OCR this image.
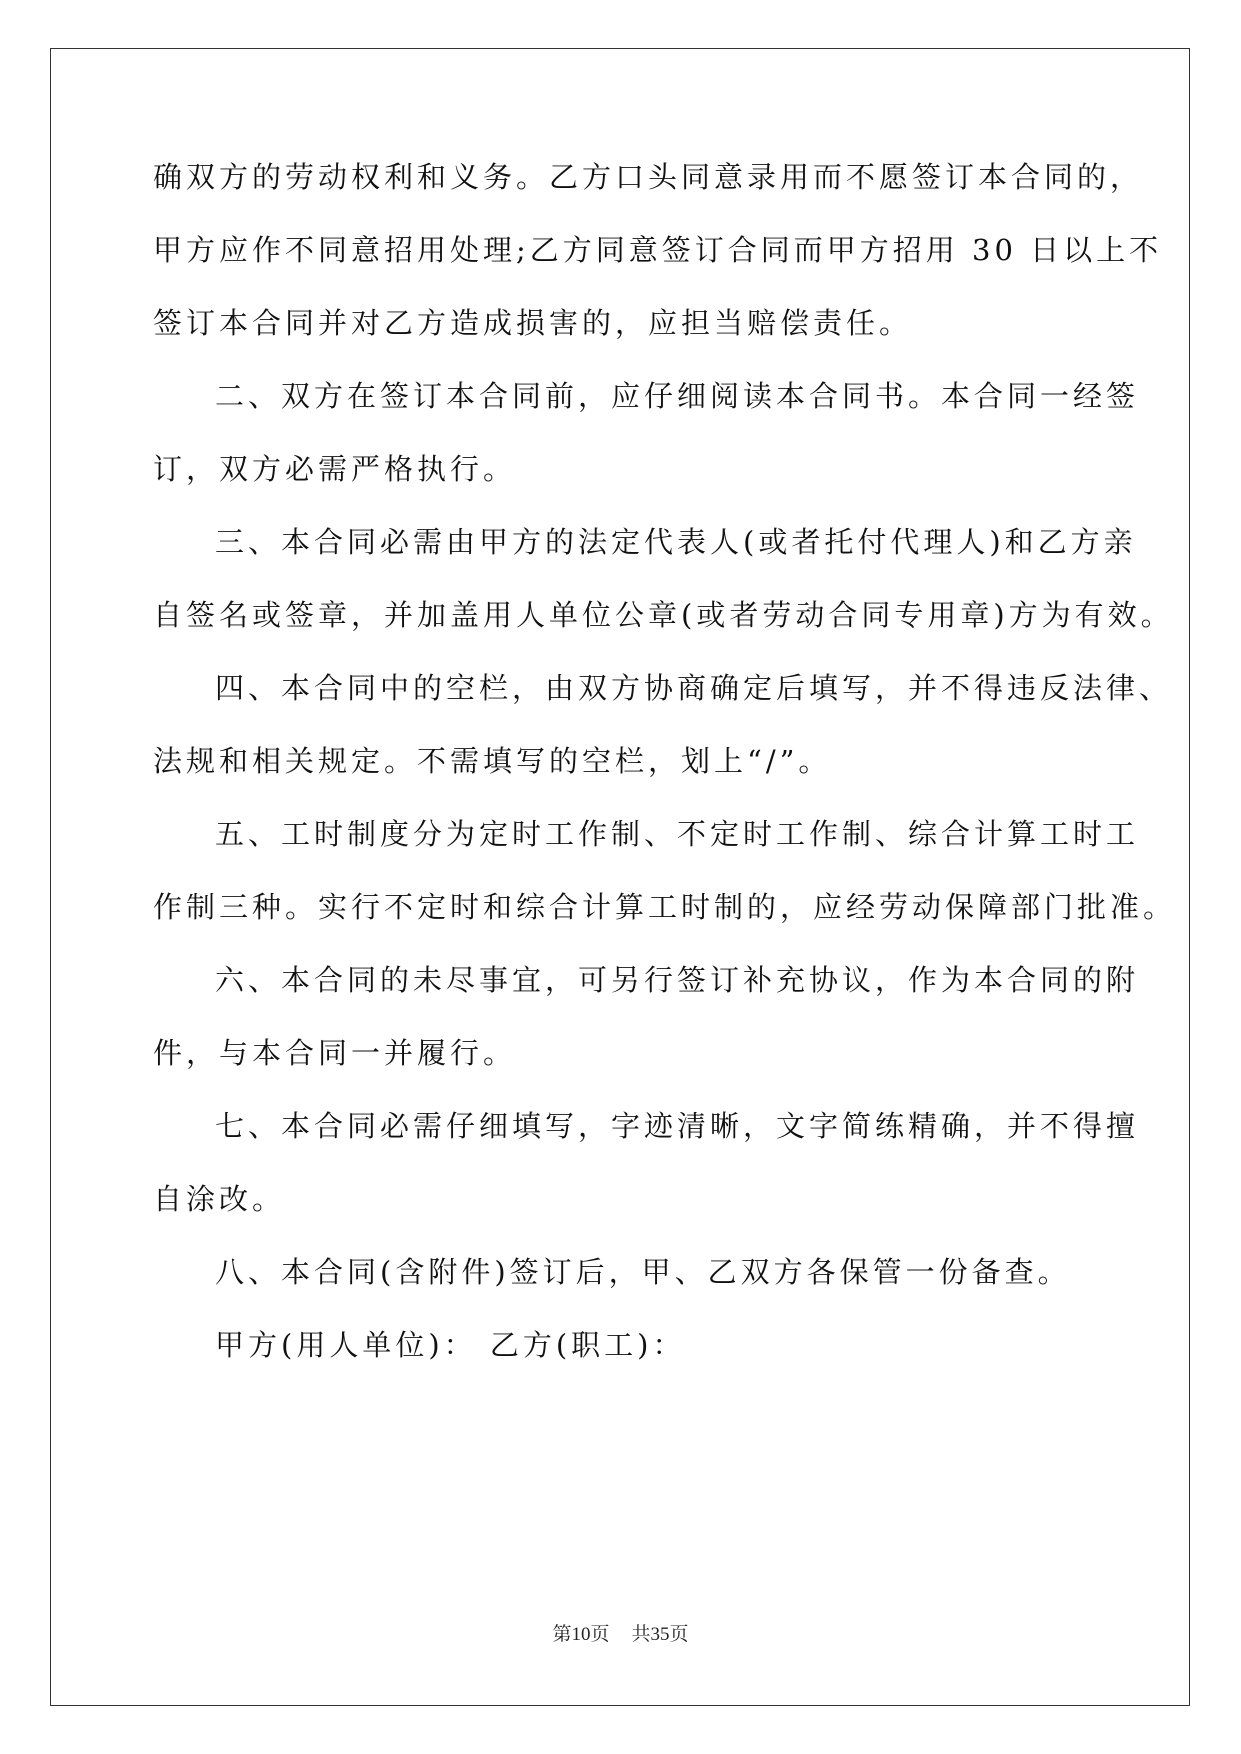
确双方的劳动权利和义务。乙方口头同意录用而不愿签订本合同的，
甲方应作不同意招用处理;乙方同意签订合同而甲方招用 30 日以上不
签订本合同并对乙方造成损害的，应担当赔偿责任。
二、双方在签订本合同前，应仔细阅读本合同书。本合同一经签
订，双方必需严格执行。
三、本合同必需由甲方的法定代表人(或者托付代理人)和乙方亲
自签名或签章，并加盖用人单位公章(或者劳动合同专用章)方为有效。
四、本合同中的空栏，由双方协商确定后填写，并不得违反法律、
法规和相关规定。不需填写的空栏，划上“/”。
五、工时制度分为定时工作制、不定时工作制、综合计算工时工
作制三种。实行不定时和综合计算工时制的，应经劳动保障部门批准。
六、本合同的未尽事宜，可另行签订补充协议，作为本合同的附
件，与本合同一并履行。
七、本合同必需仔细填写，字迹清晰，文字简练精确，并不得擅
自涂改。
八、本合同(含附件)签订后，甲、乙双方各保管一份备查。
甲方(用人单位)： 乙方(职工)：
第10页 共35页
